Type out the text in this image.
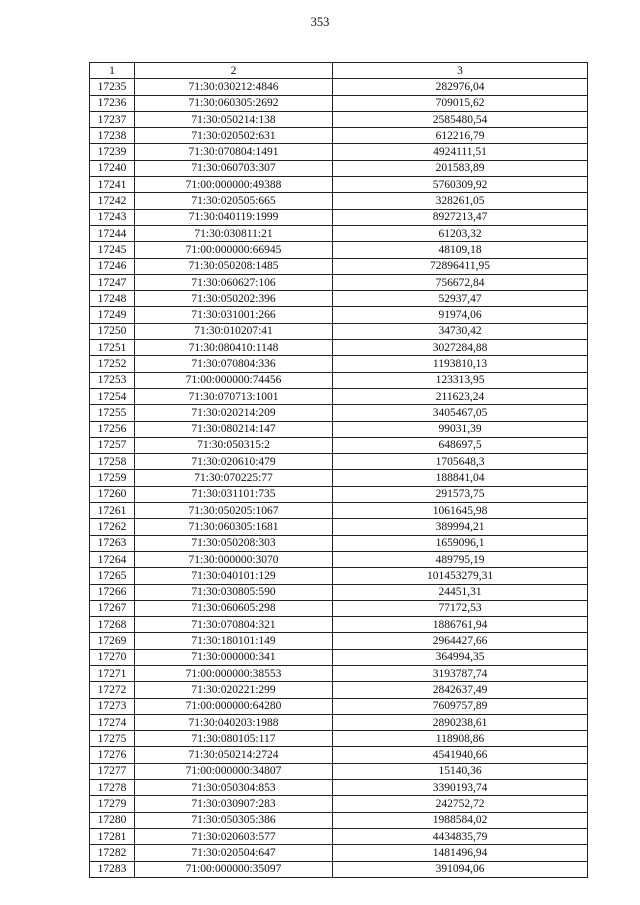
353
1	2	3
17235	71:30:030212:4846	282976,04
17236	71:30:060305:2692	709015,62
17237	71:30:050214:138	2585480,54
17238	71:30:020502:631	612216,79
17239	71:30:070804:1491	4924111,51
17240	71:30:060703:307	201583,89
17241	71:00:000000:49388	5760309,92
17242	71:30:020505:665	328261,05
17243	71:30:040119:1999	8927213,47
17244	71:30:030811:21	61203,32
17245	71:00:000000:66945	48109,18
17246	71:30:050208:1485	72896411,95
17247	71:30:060627:106	756672,84
17248	71:30:050202:396	52937,47
17249	71:30:031001:266	91974,06
17250	71:30:010207:41	34730,42
17251	71:30:080410:1148	3027284,88
17252	71:30:070804:336	1193810,13
17253	71:00:000000:74456	123313,95
17254	71:30:070713:1001	211623,24
17255	71:30:020214:209	3405467,05
17256	71:30:080214:147	99031,39
17257	71:30:050315:2	648697,5
17258	71:30:020610:479	1705648,3
17259	71:30:070225:77	188841,04
17260	71:30:031101:735	291573,75
17261	71:30:050205:1067	1061645,98
17262	71:30:060305:1681	389994,21
17263	71:30:050208:303	1659096,1
17264	71:30:000000:3070	489795,19
17265	71:30:040101:129	101453279,31
17266	71:30:030805:590	24451,31
17267	71:30:060605:298	77172,53
17268	71:30:070804:321	1886761,94
17269	71:30:180101:149	2964427,66
17270	71:30:000000:341	364994,35
17271	71:00:000000:38553	3193787,74
17272	71:30:020221:299	2842637,49
17273	71:00:000000:64280	7609757,89
17274	71:30:040203:1988	2890238,61
17275	71:30:080105:117	118908,86
17276	71:30:050214:2724	4541940,66
17277	71:00:000000:34807	15140,36
17278	71:30:050304:853	3390193,74
17279	71:30:030907:283	242752,72
17280	71:30:050305:386	1988584,02
17281	71:30:020603:577	4434835,79
17282	71:30:020504:647	1481496,94
17283	71:00:000000:35097	391094,06
